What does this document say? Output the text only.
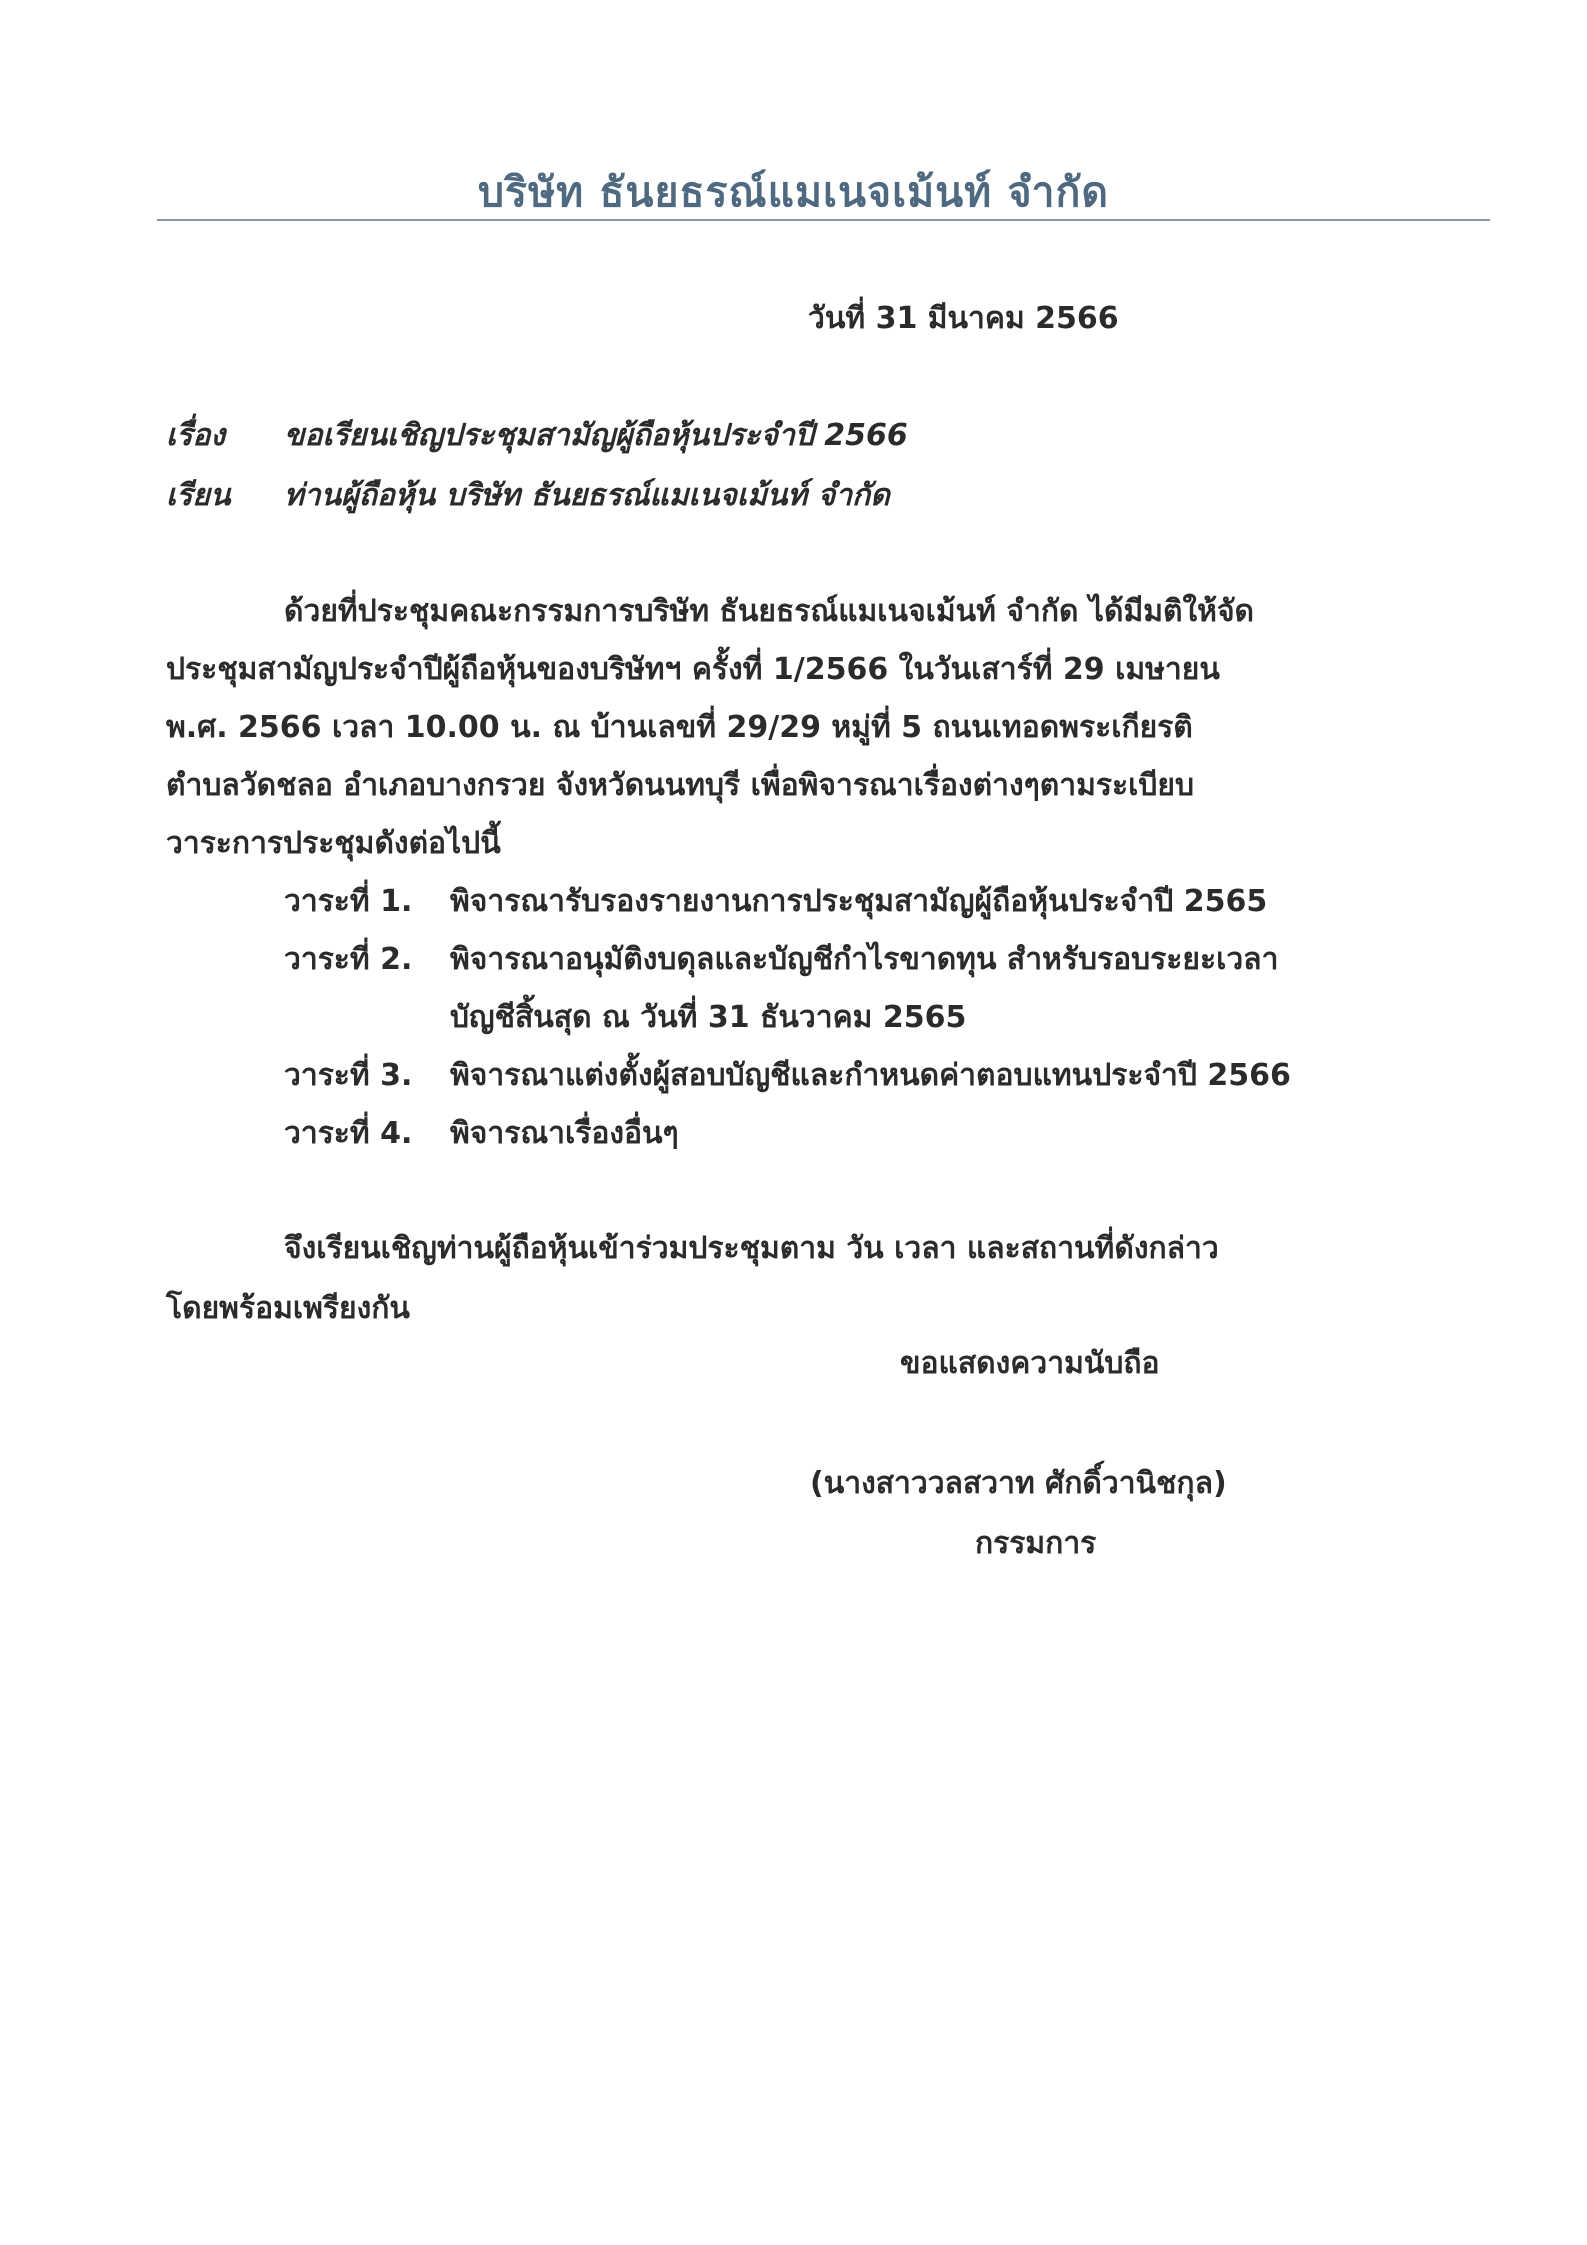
บริษัท ธันยธรณ์แมเนจเม้นท์ จำกัด
วันที่ 31 มีนาคม 2566
เรื่อง ขอเรียนเชิญประชุมสามัญผู้ถือหุ้นประจำปี 2566
เรียน ท่านผู้ถือหุ้น บริษัท ธันยธรณ์แมเนจเม้นท์ จำกัด
ด้วยที่ประชุมคณะกรรมการบริษัท ธันยธรณ์แมเนจเม้นท์ จำกัด ได้มีมติให้จัด
ประชุมสามัญประจำปีผู้ถือหุ้นของบริษัทฯ ครั้งที่ 1/2566 ในวันเสาร์ที่ 29 เมษายน
พ.ศ. 2566 เวลา 10.00 น. ณ บ้านเลขที่ 29/29 หมู่ที่ 5 ถนนเทอดพระเกียรติ
ตำบลวัดชลอ อำเภอบางกรวย จังหวัดนนทบุรี เพื่อพิจารณาเรื่องต่างๆตามระเบียบ
วาระการประชุมดังต่อไปนี้
วาระที่ 1. พิจารณารับรองรายงานการประชุมสามัญผู้ถือหุ้นประจำปี 2565
วาระที่ 2. พิจารณาอนุมัติงบดุลและบัญชีกำไรขาดทุน สำหรับรอบระยะเวลา
บัญชีสิ้นสุด ณ วันที่ 31 ธันวาคม 2565
วาระที่ 3. พิจารณาแต่งตั้งผู้สอบบัญชีและกำหนดค่าตอบแทนประจำปี 2566
วาระที่ 4. พิจารณาเรื่องอื่นๆ
จึงเรียนเชิญท่านผู้ถือหุ้นเข้าร่วมประชุมตาม วัน เวลา และสถานที่ดังกล่าว
โดยพร้อมเพรียงกัน
ขอแสดงความนับถือ
(นางสาววลสวาท ศักดิ์วานิชกุล)
กรรมการ
